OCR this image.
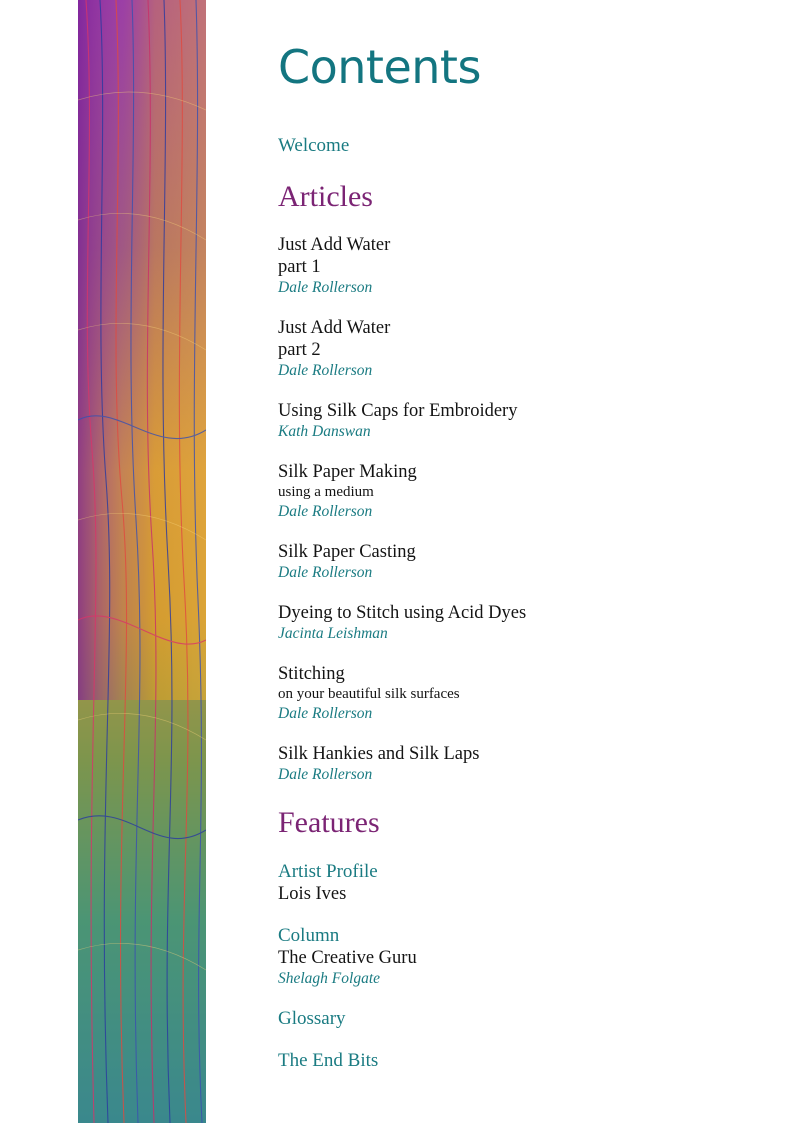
Contents
Welcome
Articles
Just Add Water
part 1
Dale Rollerson
Just Add Water
part 2
Dale Rollerson
Using Silk Caps for Embroidery
Kath Danswan
Silk Paper Making
using a medium
Dale Rollerson
Silk Paper Casting
Dale Rollerson
Dyeing to Stitch using Acid Dyes
Jacinta Leishman
Stitching
on your beautiful silk surfaces
Dale Rollerson
Silk Hankies and Silk Laps
Dale Rollerson
Features
Artist Profile
Lois Ives
Column
The Creative Guru
Shelagh Folgate
Glossary
The End Bits
